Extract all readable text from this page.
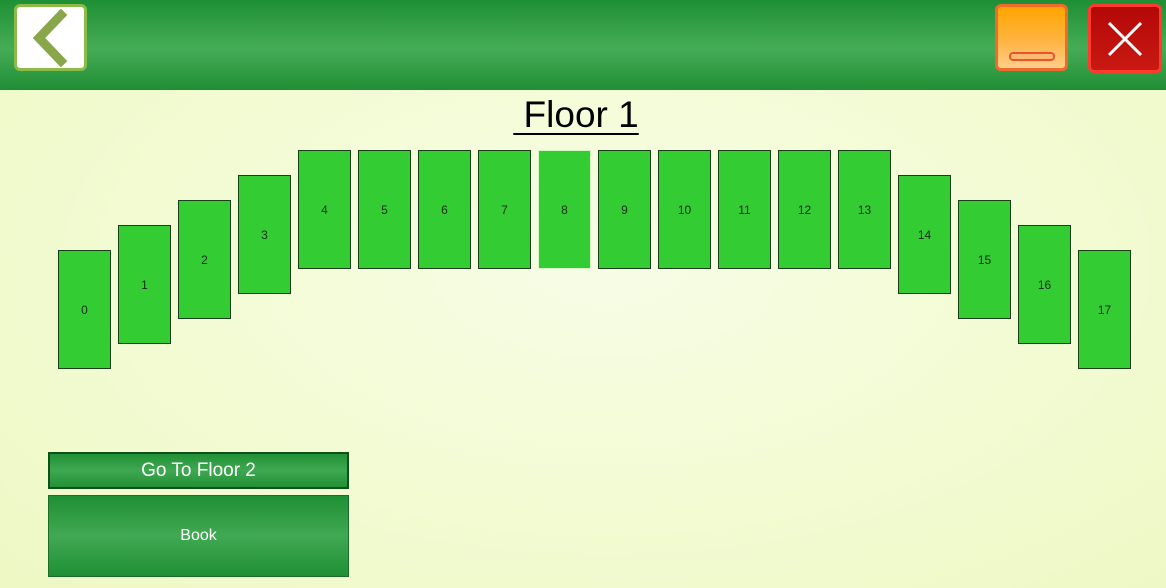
Floor 1
0
1
2
3
4	5	6	7	8	9	10	11	12	13
14
15
16
17
Go To Floor 2
Book
